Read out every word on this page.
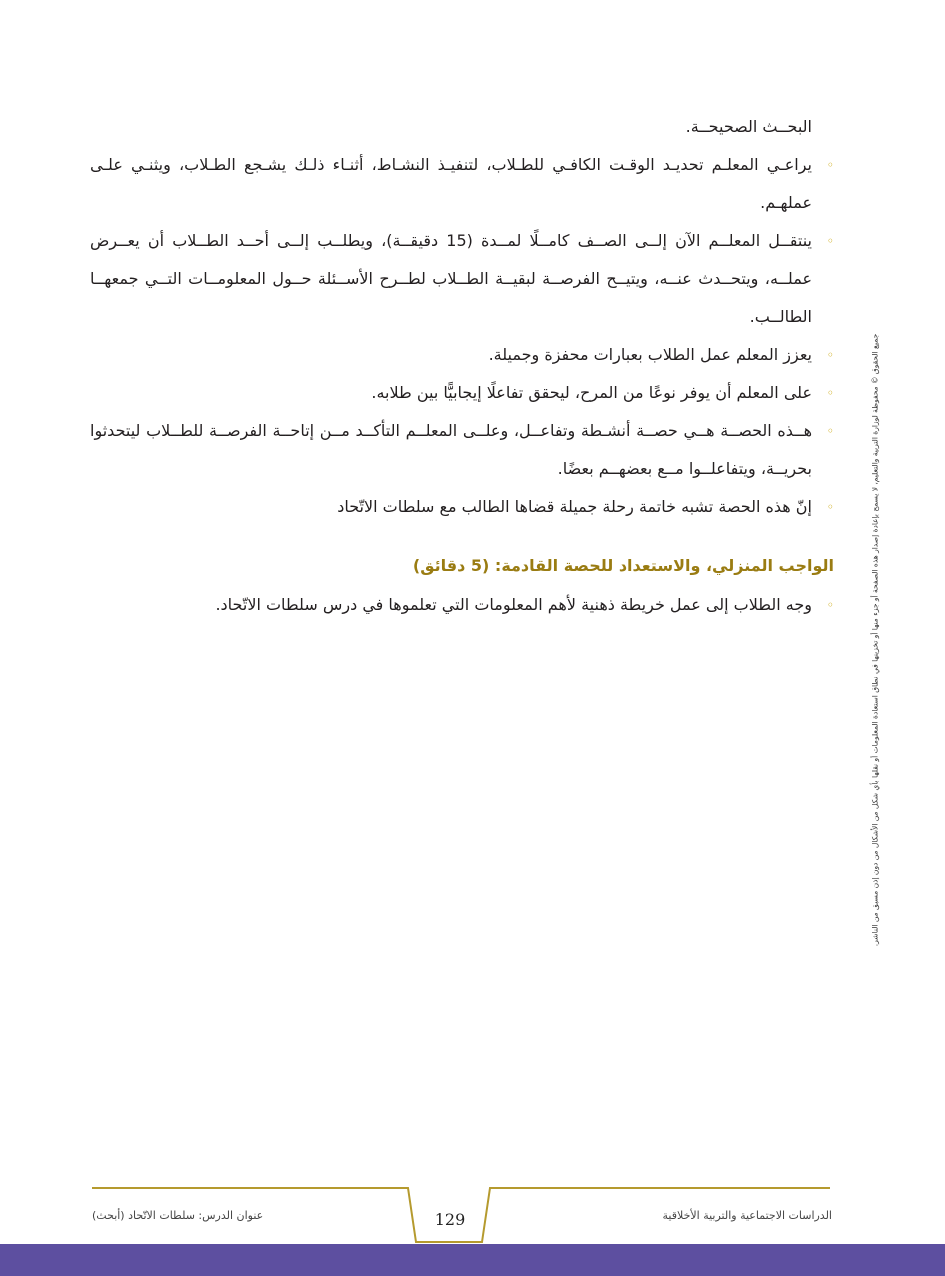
البحــث الصحيحــة.

◦
يراعـي المعلـم تحديـد الوقـت الكافـي للطـلاب، لتنفيـذ النشـاط، أثنـاء ذلـك يشـجع الطـلاب، ويثنـي علـى عملهـم.
◦
ينتقــل المعلــم الآن إلــى الصــف كامــلًا لمــدة (15 دقيقــة)، ويطلــب إلــى أحــد الطــلاب أن يعــرض عملــه، ويتحــدث عنــه، ويتيــح الفرصــة لبقيــة الطــلاب لطــرح الأســئلة حــول المعلومــات التــي جمعهــا الطالــب.
◦
يعزز المعلم عمل الطلاب بعبارات محفزة وجميلة.
◦
على المعلم أن يوفر نوعًا من المرح، ليحقق تفاعلًا إيجابيًّا بين طلابه.
◦
هــذه الحصــة هــي حصــة أنشـطة وتفاعــل، وعلــى المعلــم التأكــد مــن إتاحــة الفرصــة للطــلاب ليتحدثوا بحريــة، ويتفاعلــوا مــع بعضهــم بعضًا.
◦
إنّ هذه الحصة تشبه خاتمة رحلة جميلة قضاها الطالب مع سلطات الاتّحاد
الواجب المنزلي، والاستعداد للحصة القادمة: (5 دقائق)
◦
وجه الطلاب إلى عمل خريطة ذهنية لأهم المعلومات التي تعلموها في درس سلطات الاتّحاد.	جميع الحقوق © محفوظة لوزارة التربية والتعليم، لا يسمح بإعادة إصدار هذه الصفحة أو جزء منها أو تخزينها في نطاق استعادة المعلومات أو نقلها بأي شكل من الأشكال من دون إذن مسبق من الناشر.
الدراسات الاجتماعية والتربية الأخلاقية
129
عنوان الدرس: سلطات الاتّحاد (أبحث)
